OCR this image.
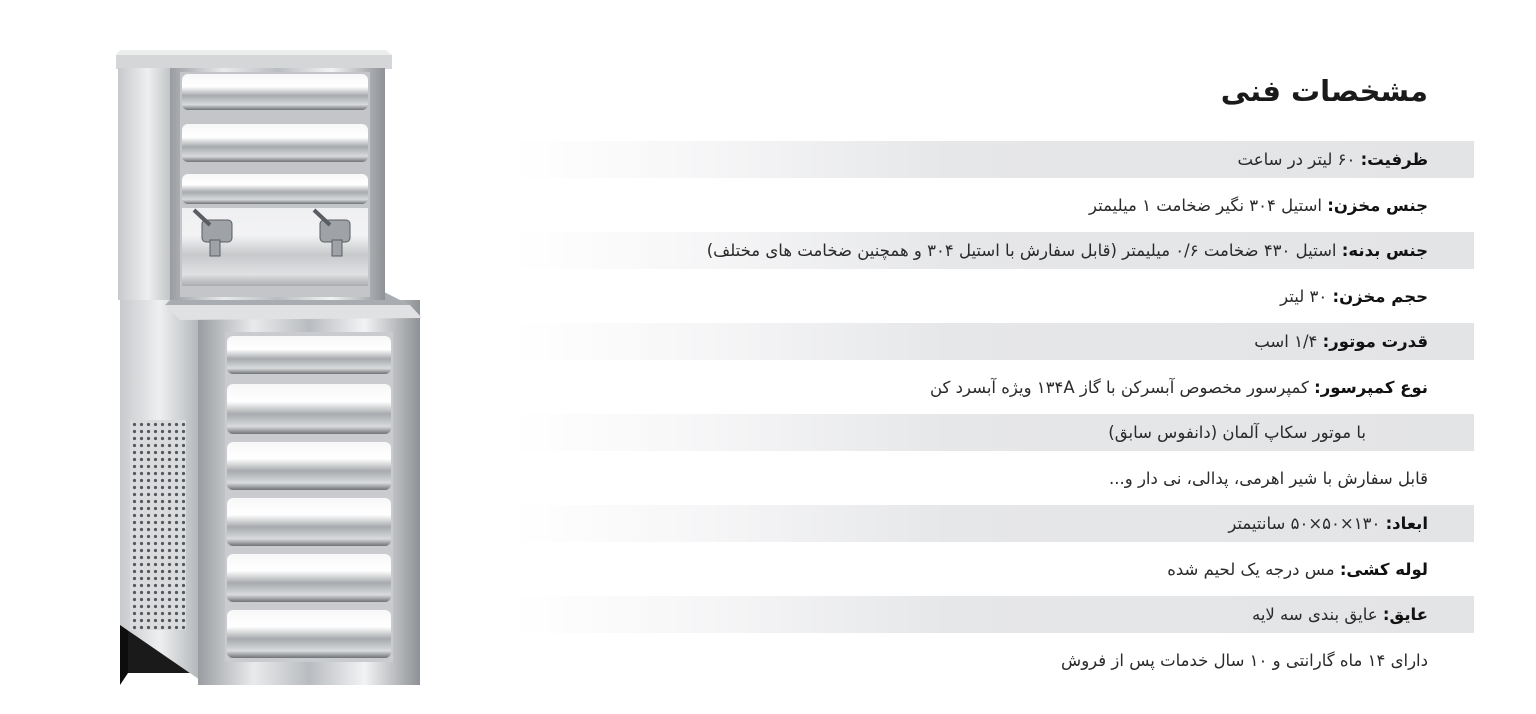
مشخصات فنی
ظرفیت:

۶۰ لیتر در ساعت
جنس مخزن:

استیل ۳۰۴ نگیر ضخامت ۱ میلیمتر
جنس بدنه:

استیل ۴۳۰ ضخامت ۰/۶ میلیمتر (قابل سفارش با استیل ۳۰۴ و همچنین ضخامت های مختلف)
حجم مخزن:

۳۰ لیتر
قدرت موتور:

۱/۴ اسب
نوع کمپرسور:

کمپرسور مخصوص آبسرکن با گاز ۱۳۴A ویژه آبسرد کن
با موتور سکاپ آلمان (دانفوس سابق)
قابل سفارش با شیر اهرمی، پدالی، نی دار و...
ابعاد:

۱۳۰×۵۰×۵۰ سانتیمتر
لوله کشی:

مس درجه یک لحیم شده
عایق:

عایق بندی سه لایه
دارای ۱۴ ماه گارانتی و ۱۰ سال خدمات پس از فروش
